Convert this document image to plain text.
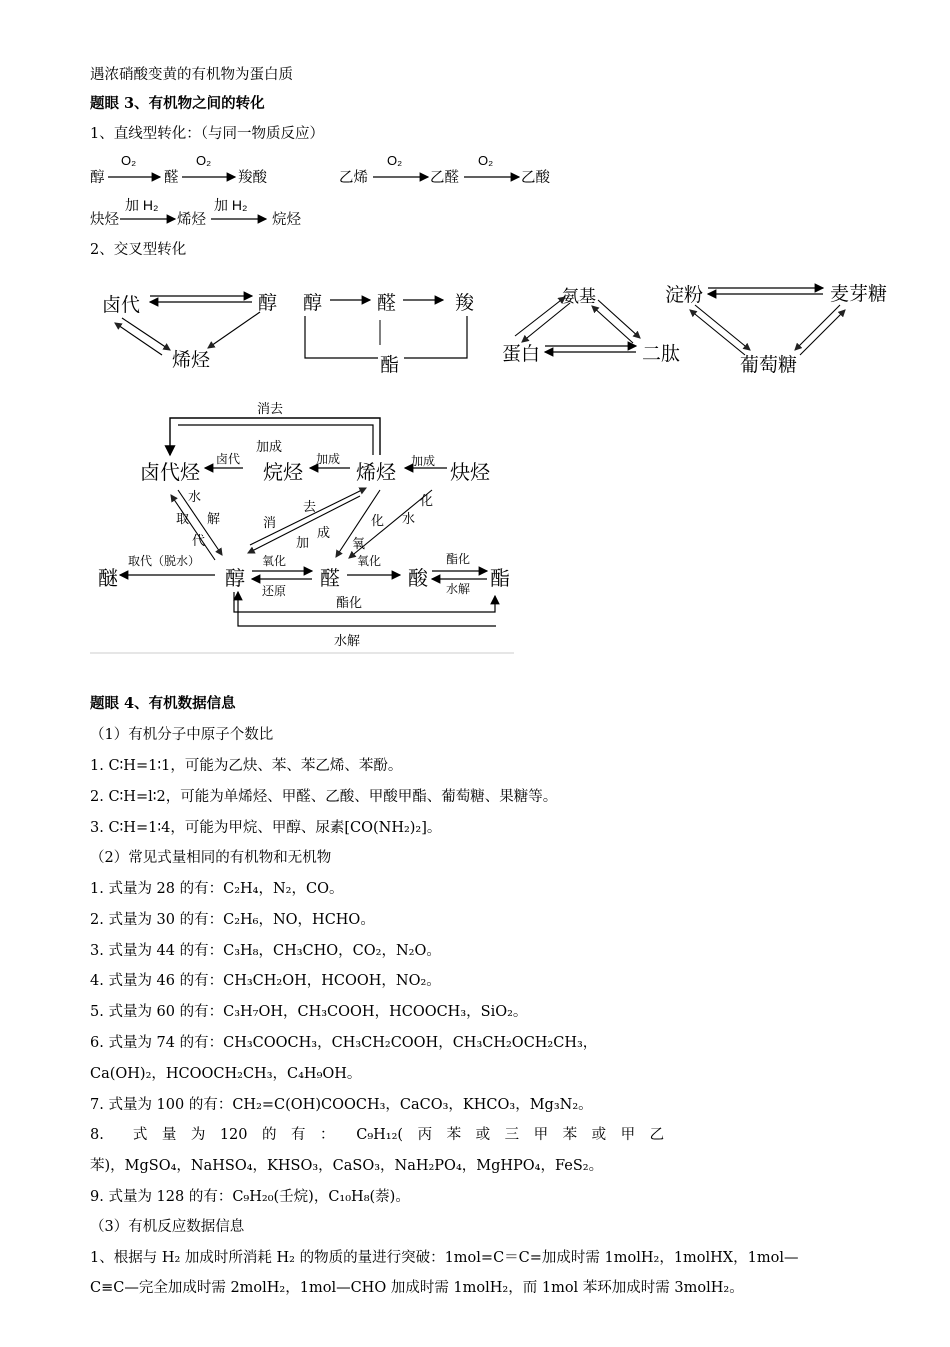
遇浓硝酸变黄的有机物为蛋白质
题眼 3、有机物之间的转化
1、直线型转化：（与同一物质反应）
醇	醛	羧酸	乙烯	乙醛	乙酸
O₂	O₂	O₂	O₂
炔烃	烯烃	烷烃
加 H₂	加 H₂
2、交叉型转化
卤代	醇
烯烃
醇	醛	羧
酯
氨基
蛋白	二肽
淀粉	麦芽糖
葡萄糖
消去
卤代烃	烷烃	烯烃	炔烃
醚	醇	醛	酸	酯
卤代
加成
加成	加成
水
取 解
代
消
去
加
成
化 水
化
氧
取代（脱水）	氧化
还原
氧化	酯化
水解
酯化
水解
题眼 4、有机数据信息
（1）有机分子中原子个数比
1. C∶H=1∶1，可能为乙炔、苯、苯乙烯、苯酚。
2. C∶H=l∶2，可能为单烯烃、甲醛、乙酸、甲酸甲酯、葡萄糖、果糖等。
3. C∶H=1∶4，可能为甲烷、甲醇、尿素[CO(NH₂)₂]。
（2）常见式量相同的有机物和无机物
1. 式量为 28 的有：C₂H₄，N₂，CO。
2. 式量为 30 的有：C₂H₆，NO，HCHO。
3. 式量为 44 的有：C₃H₈，CH₃CHO，CO₂，N₂O。
4. 式量为 46 的有：CH₃CH₂OH，HCOOH，NO₂。
5. 式量为 60 的有：C₃H₇OH，CH₃COOH，HCOOCH₃，SiO₂。
6. 式量为 74 的有：CH₃COOCH₃，CH₃CH₂COOH，CH₃CH₂OCH₂CH₃，
Ca(OH)₂，HCOOCH₂CH₃，C₄H₉OH。
7. 式量为 100 的有：CH₂=C(OH)COOCH₃，CaCO₃，KHCO₃，Mg₃N₂。
8.　　式　量　为　120　的　有　：　　C₉H₁₂(　丙　苯　或　三　甲　苯　或　甲　乙
苯)，MgSO₄，NaHSO₄，KHSO₃，CaSO₃，NaH₂PO₄，MgHPO₄，FeS₂。
9. 式量为 128 的有：C₉H₂₀(壬烷)，C₁₀H₈(萘)。
（3）有机反应数据信息
1、根据与 H₂ 加成时所消耗 H₂ 的物质的量进行突破：1mol=C＝C=加成时需 1molH₂，1molHX，1mol—
C≡C—完全加成时需 2molH₂，1mol—CHO 加成时需 1molH₂，而 1mol 苯环加成时需 3molH₂。
